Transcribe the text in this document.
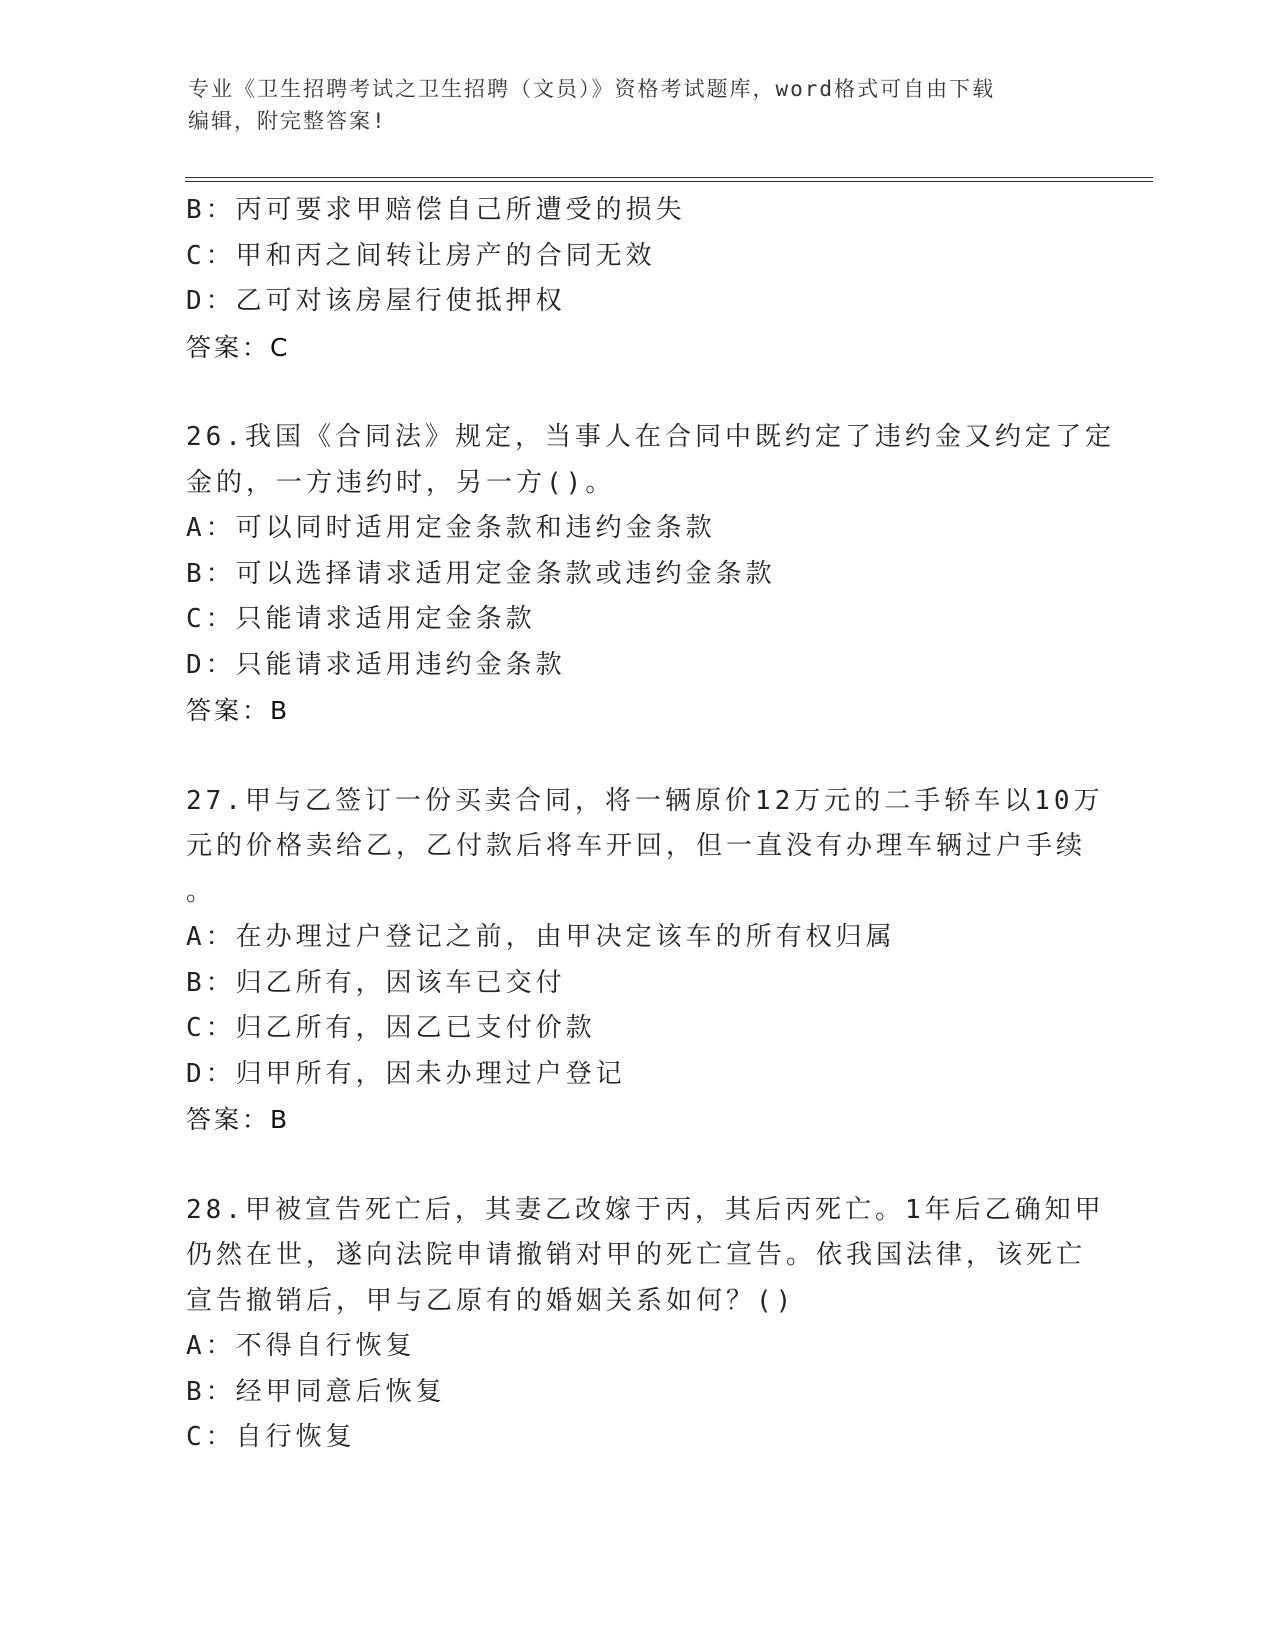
专业《卫生招聘考试之卫生招聘（文员）》资格考试题库，word格式可自由下载
编辑，附完整答案!
B：丙可要求甲赔偿自己所遭受的损失
C：甲和丙之间转让房产的合同无效
D：乙可对该房屋行使抵押权
答案：C
26.我国《合同法》规定，当事人在合同中既约定了违约金又约定了定
金的，一方违约时，另一方()。
A：可以同时适用定金条款和违约金条款
B：可以选择请求适用定金条款或违约金条款
C：只能请求适用定金条款
D：只能请求适用违约金条款
答案：B
27.甲与乙签订一份买卖合同，将一辆原价12万元的二手轿车以10万
元的价格卖给乙，乙付款后将车开回，但一直没有办理车辆过户手续
。
A：在办理过户登记之前，由甲决定该车的所有权归属
B：归乙所有，因该车已交付
C：归乙所有，因乙已支付价款
D：归甲所有，因未办理过户登记
答案：B
28.甲被宣告死亡后，其妻乙改嫁于丙，其后丙死亡。1年后乙确知甲
仍然在世，遂向法院申请撤销对甲的死亡宣告。依我国法律，该死亡
宣告撤销后，甲与乙原有的婚姻关系如何？()
A：不得自行恢复
B：经甲同意后恢复
C：自行恢复
